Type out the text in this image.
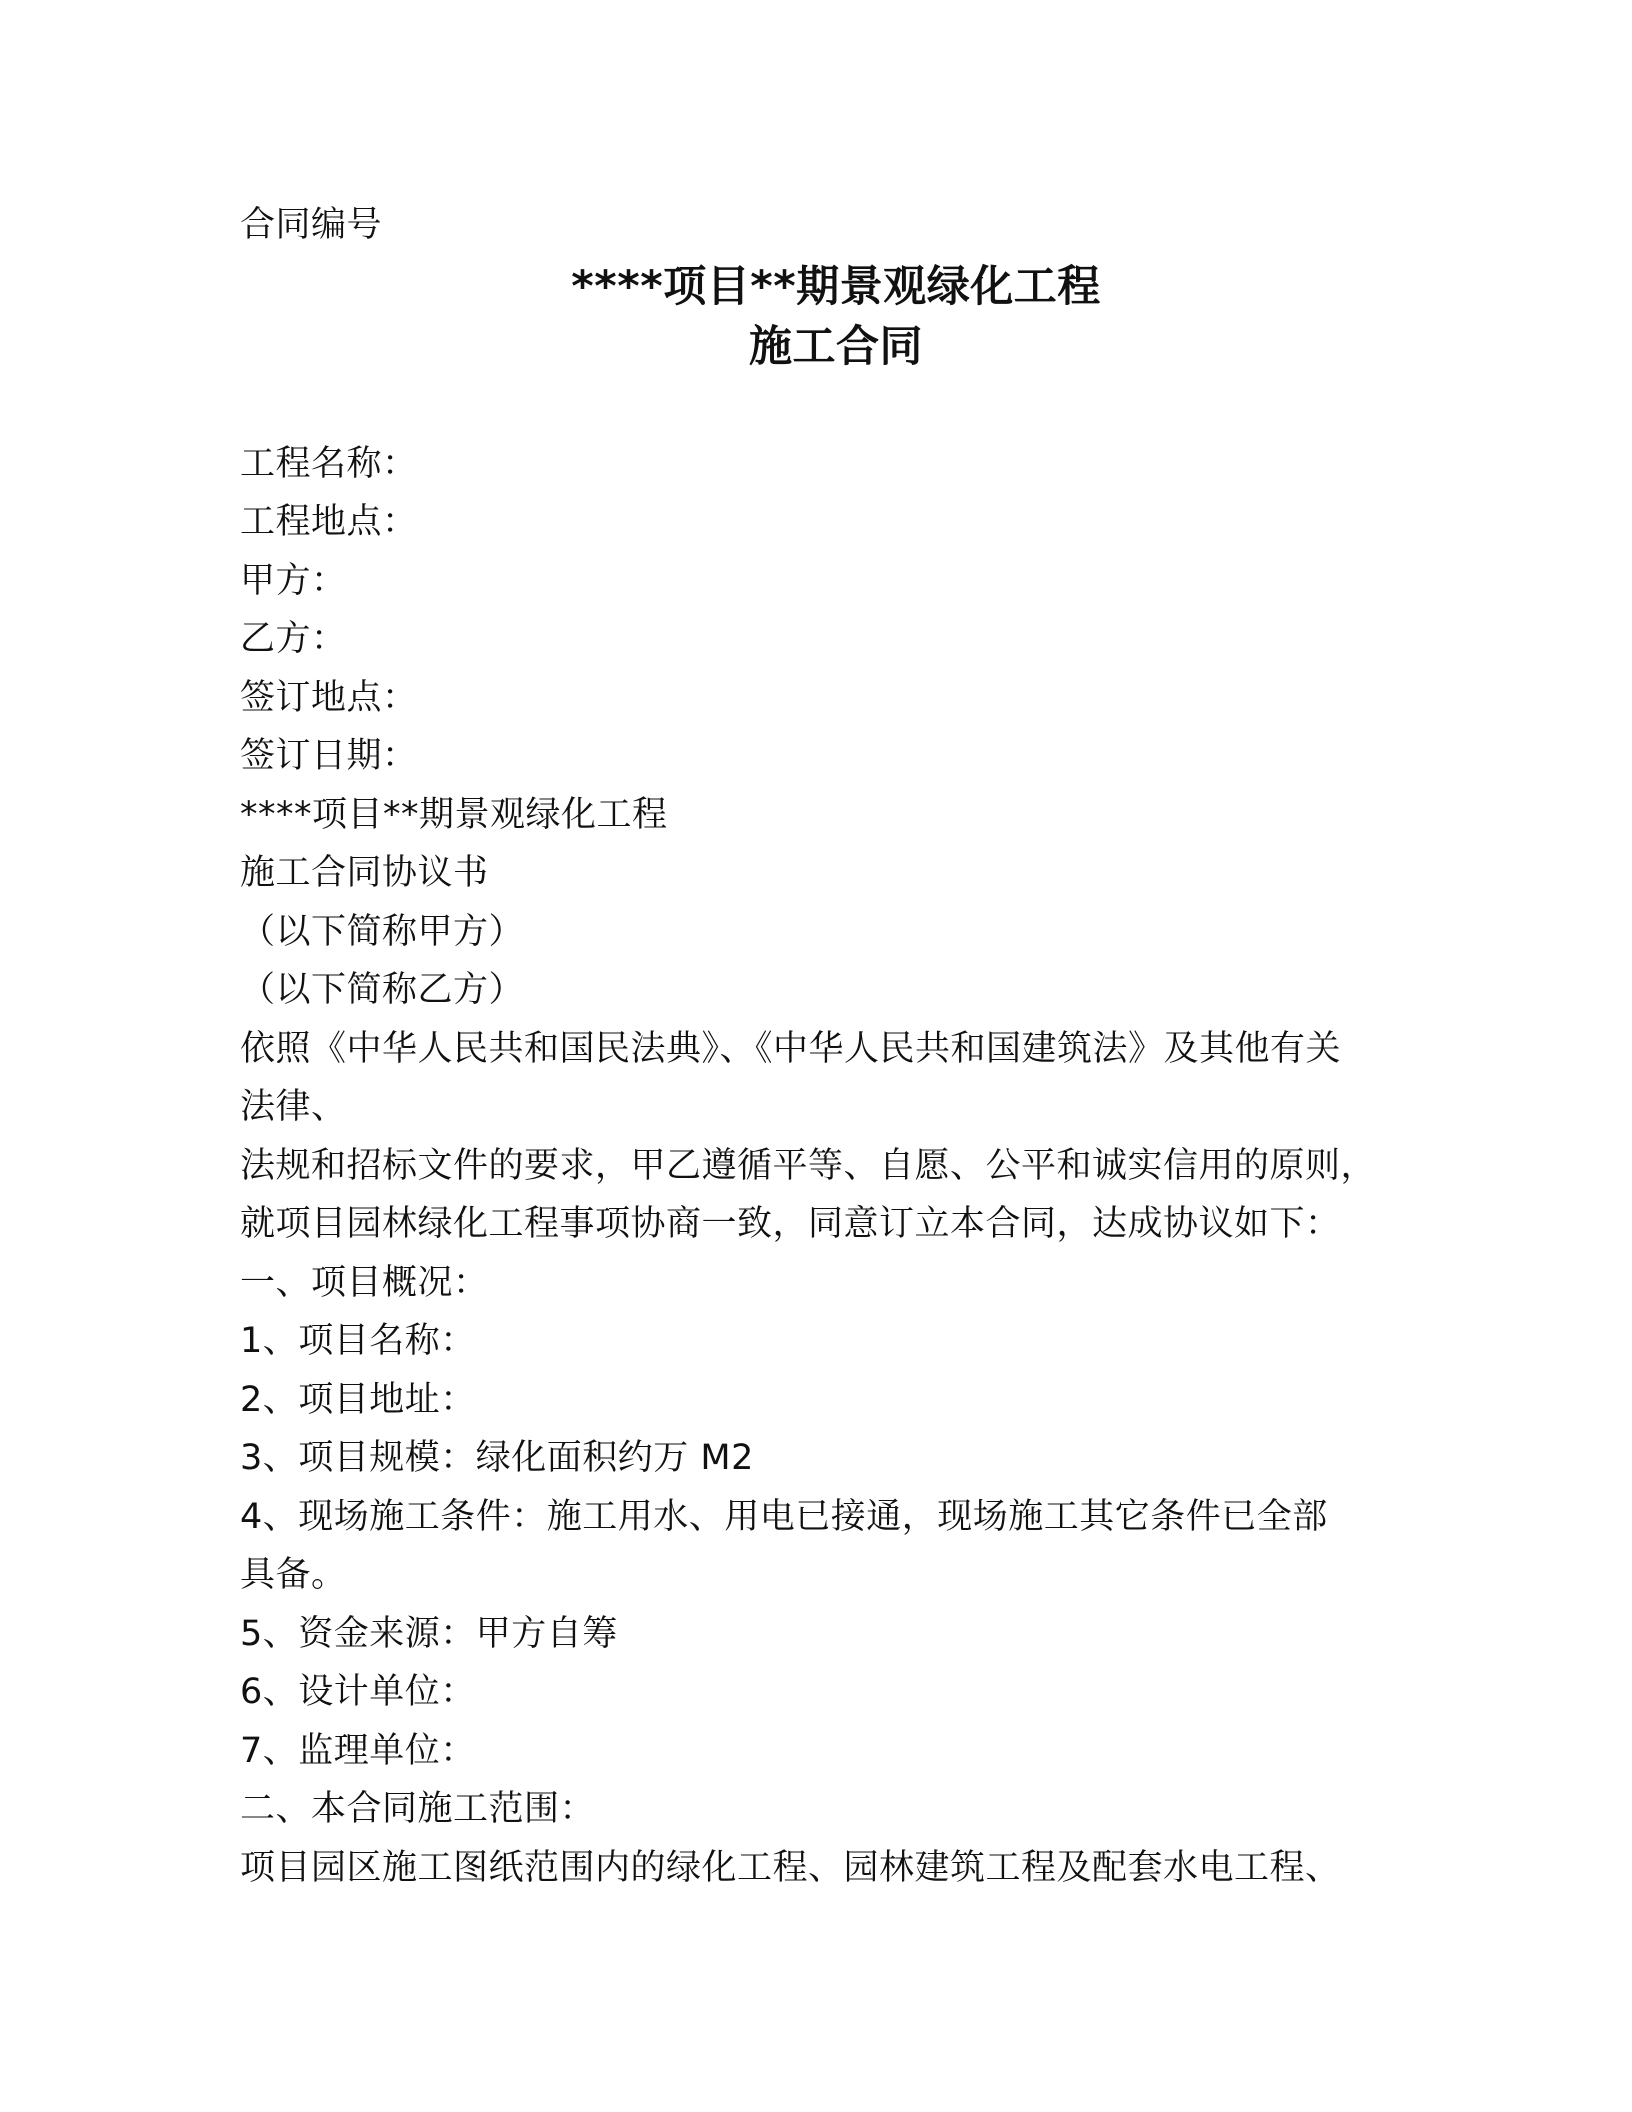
合同编号
****项目**期景观绿化工程
施工合同
工程名称：
工程地点：
甲方：
乙方：
签订地点：
签订日期：
****项目**期景观绿化工程
施工合同协议书
（以下简称甲方）
（以下简称乙方）
依照《中华人民共和国民法典》、《中华人民共和国建筑法》及其他有关
法律、
法规和招标文件的要求，甲乙遵循平等、自愿、公平和诚实信用的原则，
就项目园林绿化工程事项协商一致，同意订立本合同，达成协议如下：
一、项目概况：
1、项目名称：
2、项目地址：
3、项目规模：绿化面积约万 M2
4、现场施工条件：施工用水、用电已接通，现场施工其它条件已全部
具备。
5、资金来源：甲方自筹
6、设计单位：
7、监理单位：
二、本合同施工范围：
项目园区施工图纸范围内的绿化工程、园林建筑工程及配套水电工程、
